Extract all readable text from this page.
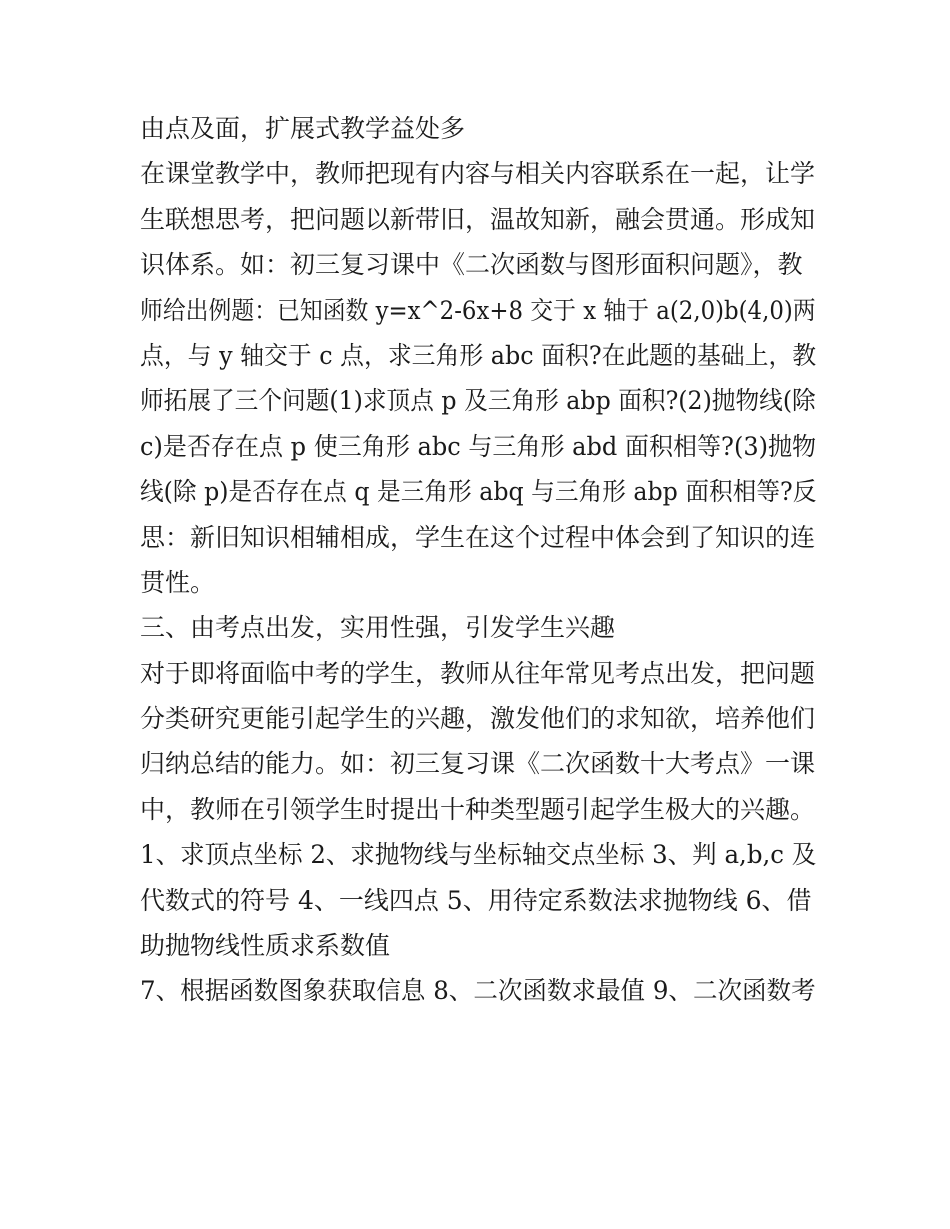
由点及面，扩展式教学益处多
在课堂教学中，教师把现有内容与相关内容联系在一起，让学
生联想思考，把问题以新带旧，温故知新，融会贯通。形成知
识体系。如：初三复习课中《二次函数与图形面积问题》，教
师给出例题：已知函数 y=x^2-6x+8 交于 x 轴于 a(2,0)b(4,0)两
点，与 y 轴交于 c 点，求三角形 abc 面积?在此题的基础上，教
师拓展了三个问题(1)求顶点 p 及三角形 abp 面积?(2)抛物线(除
c)是否存在点 p 使三角形 abc 与三角形 abd 面积相等?(3)抛物
线(除 p)是否存在点 q 是三角形 abq 与三角形 abp 面积相等?反
思：新旧知识相辅相成，学生在这个过程中体会到了知识的连
贯性。
三、由考点出发，实用性强，引发学生兴趣
对于即将面临中考的学生，教师从往年常见考点出发，把问题
分类研究更能引起学生的兴趣，激发他们的求知欲，培养他们
归纳总结的能力。如：初三复习课《二次函数十大考点》一课
中，教师在引领学生时提出十种类型题引起学生极大的兴趣。
1、求顶点坐标 2、求抛物线与坐标轴交点坐标 3、判 a,b,c 及
代数式的符号 4、一线四点 5、用待定系数法求抛物线 6、借
助抛物线性质求系数值
7、根据函数图象获取信息 8、二次函数求最值 9、二次函数考
